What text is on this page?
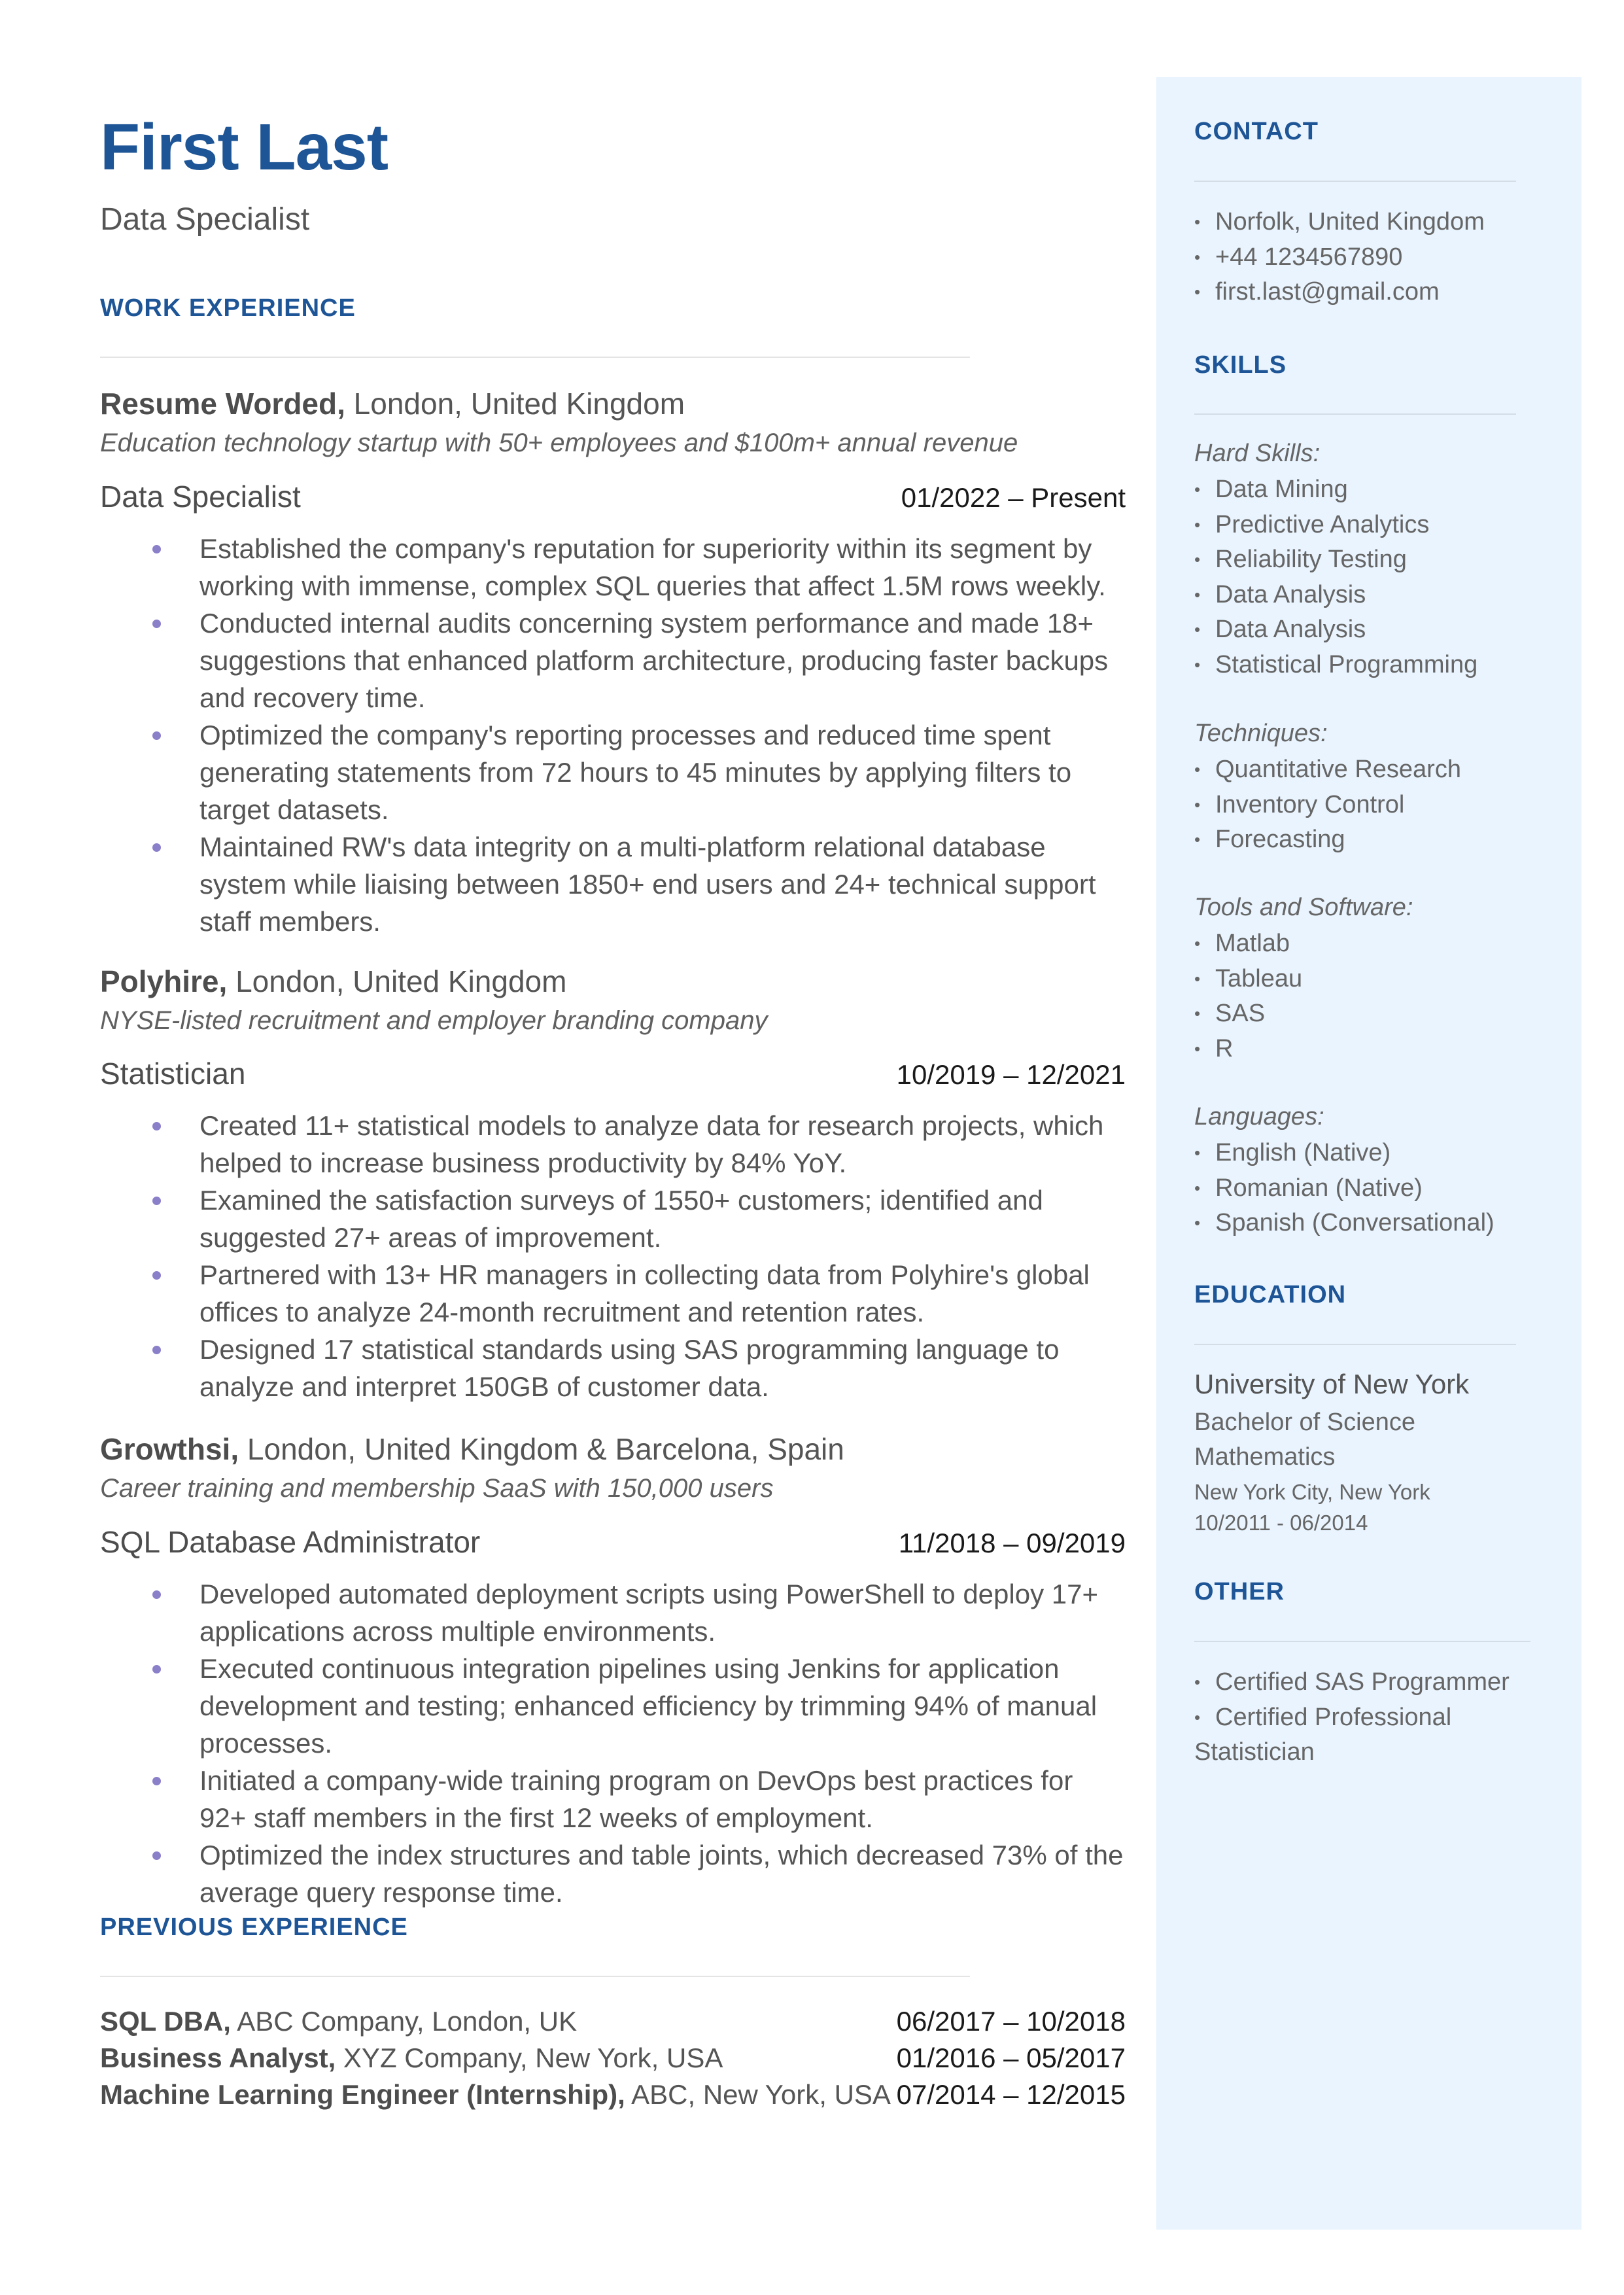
First Last
Data Specialist
WORK EXPERIENCE
Resume Worded, London, United Kingdom
Education technology startup with 50+ employees and $100m+ annual revenue
Data Specialist	01/2022 – Present
Established the company's reputation for superiority within its segment by working with immense, complex SQL queries that affect 1.5M rows weekly.
Conducted internal audits concerning system performance and made 18+ suggestions that enhanced platform architecture, producing faster backups and recovery time.
Optimized the company's reporting processes and reduced time spent generating statements from 72 hours to 45 minutes by applying filters to target datasets.
Maintained RW's data integrity on a multi-platform relational database system while liaising between 1850+ end users and 24+ technical support staff members.
Polyhire, London, United Kingdom
NYSE-listed recruitment and employer branding company
Statistician	10/2019 – 12/2021
Created 11+ statistical models to analyze data for research projects, which helped to increase business productivity by 84% YoY.
Examined the satisfaction surveys of 1550+ customers; identified and suggested 27+ areas of improvement.
Partnered with 13+ HR managers in collecting data from Polyhire's global offices to analyze 24-month recruitment and retention rates.
Designed 17 statistical standards using SAS programming language to analyze and interpret 150GB of customer data.
Growthsi, London, United Kingdom & Barcelona, Spain
Career training and membership SaaS with 150,000 users
SQL Database Administrator	11/2018 – 09/2019
Developed automated deployment scripts using PowerShell to deploy 17+ applications across multiple environments.
Executed continuous integration pipelines using Jenkins for application development and testing; enhanced efficiency by trimming 94% of manual processes.
Initiated a company-wide training program on DevOps best practices for 92+ staff members in the first 12 weeks of employment.
Optimized the index structures and table joints, which decreased 73% of the average query response time.
PREVIOUS EXPERIENCE
SQL DBA, ABC Company, London, UK	06/2017 – 10/2018
Business Analyst, XYZ Company, New York, USA	01/2016 – 05/2017
Machine Learning Engineer (Internship), ABC, New York, USA 07/2014 – 12/2015
CONTACT
• Norfolk, United Kingdom
• +44 1234567890
• first.last@gmail.com
SKILLS
Hard Skills:
• Data Mining
• Predictive Analytics
• Reliability Testing
• Data Analysis
• Data Analysis
• Statistical Programming
Techniques:
• Quantitative Research
• Inventory Control
• Forecasting
Tools and Software:
• Matlab
• Tableau
• SAS
• R
Languages:
• English (Native)
• Romanian (Native)
• Spanish (Conversational)
EDUCATION
University of New York
Bachelor of Science
Mathematics
New York City, New York
10/2011 - 06/2014
OTHER
• Certified SAS Programmer
• Certified Professional
Statistician
